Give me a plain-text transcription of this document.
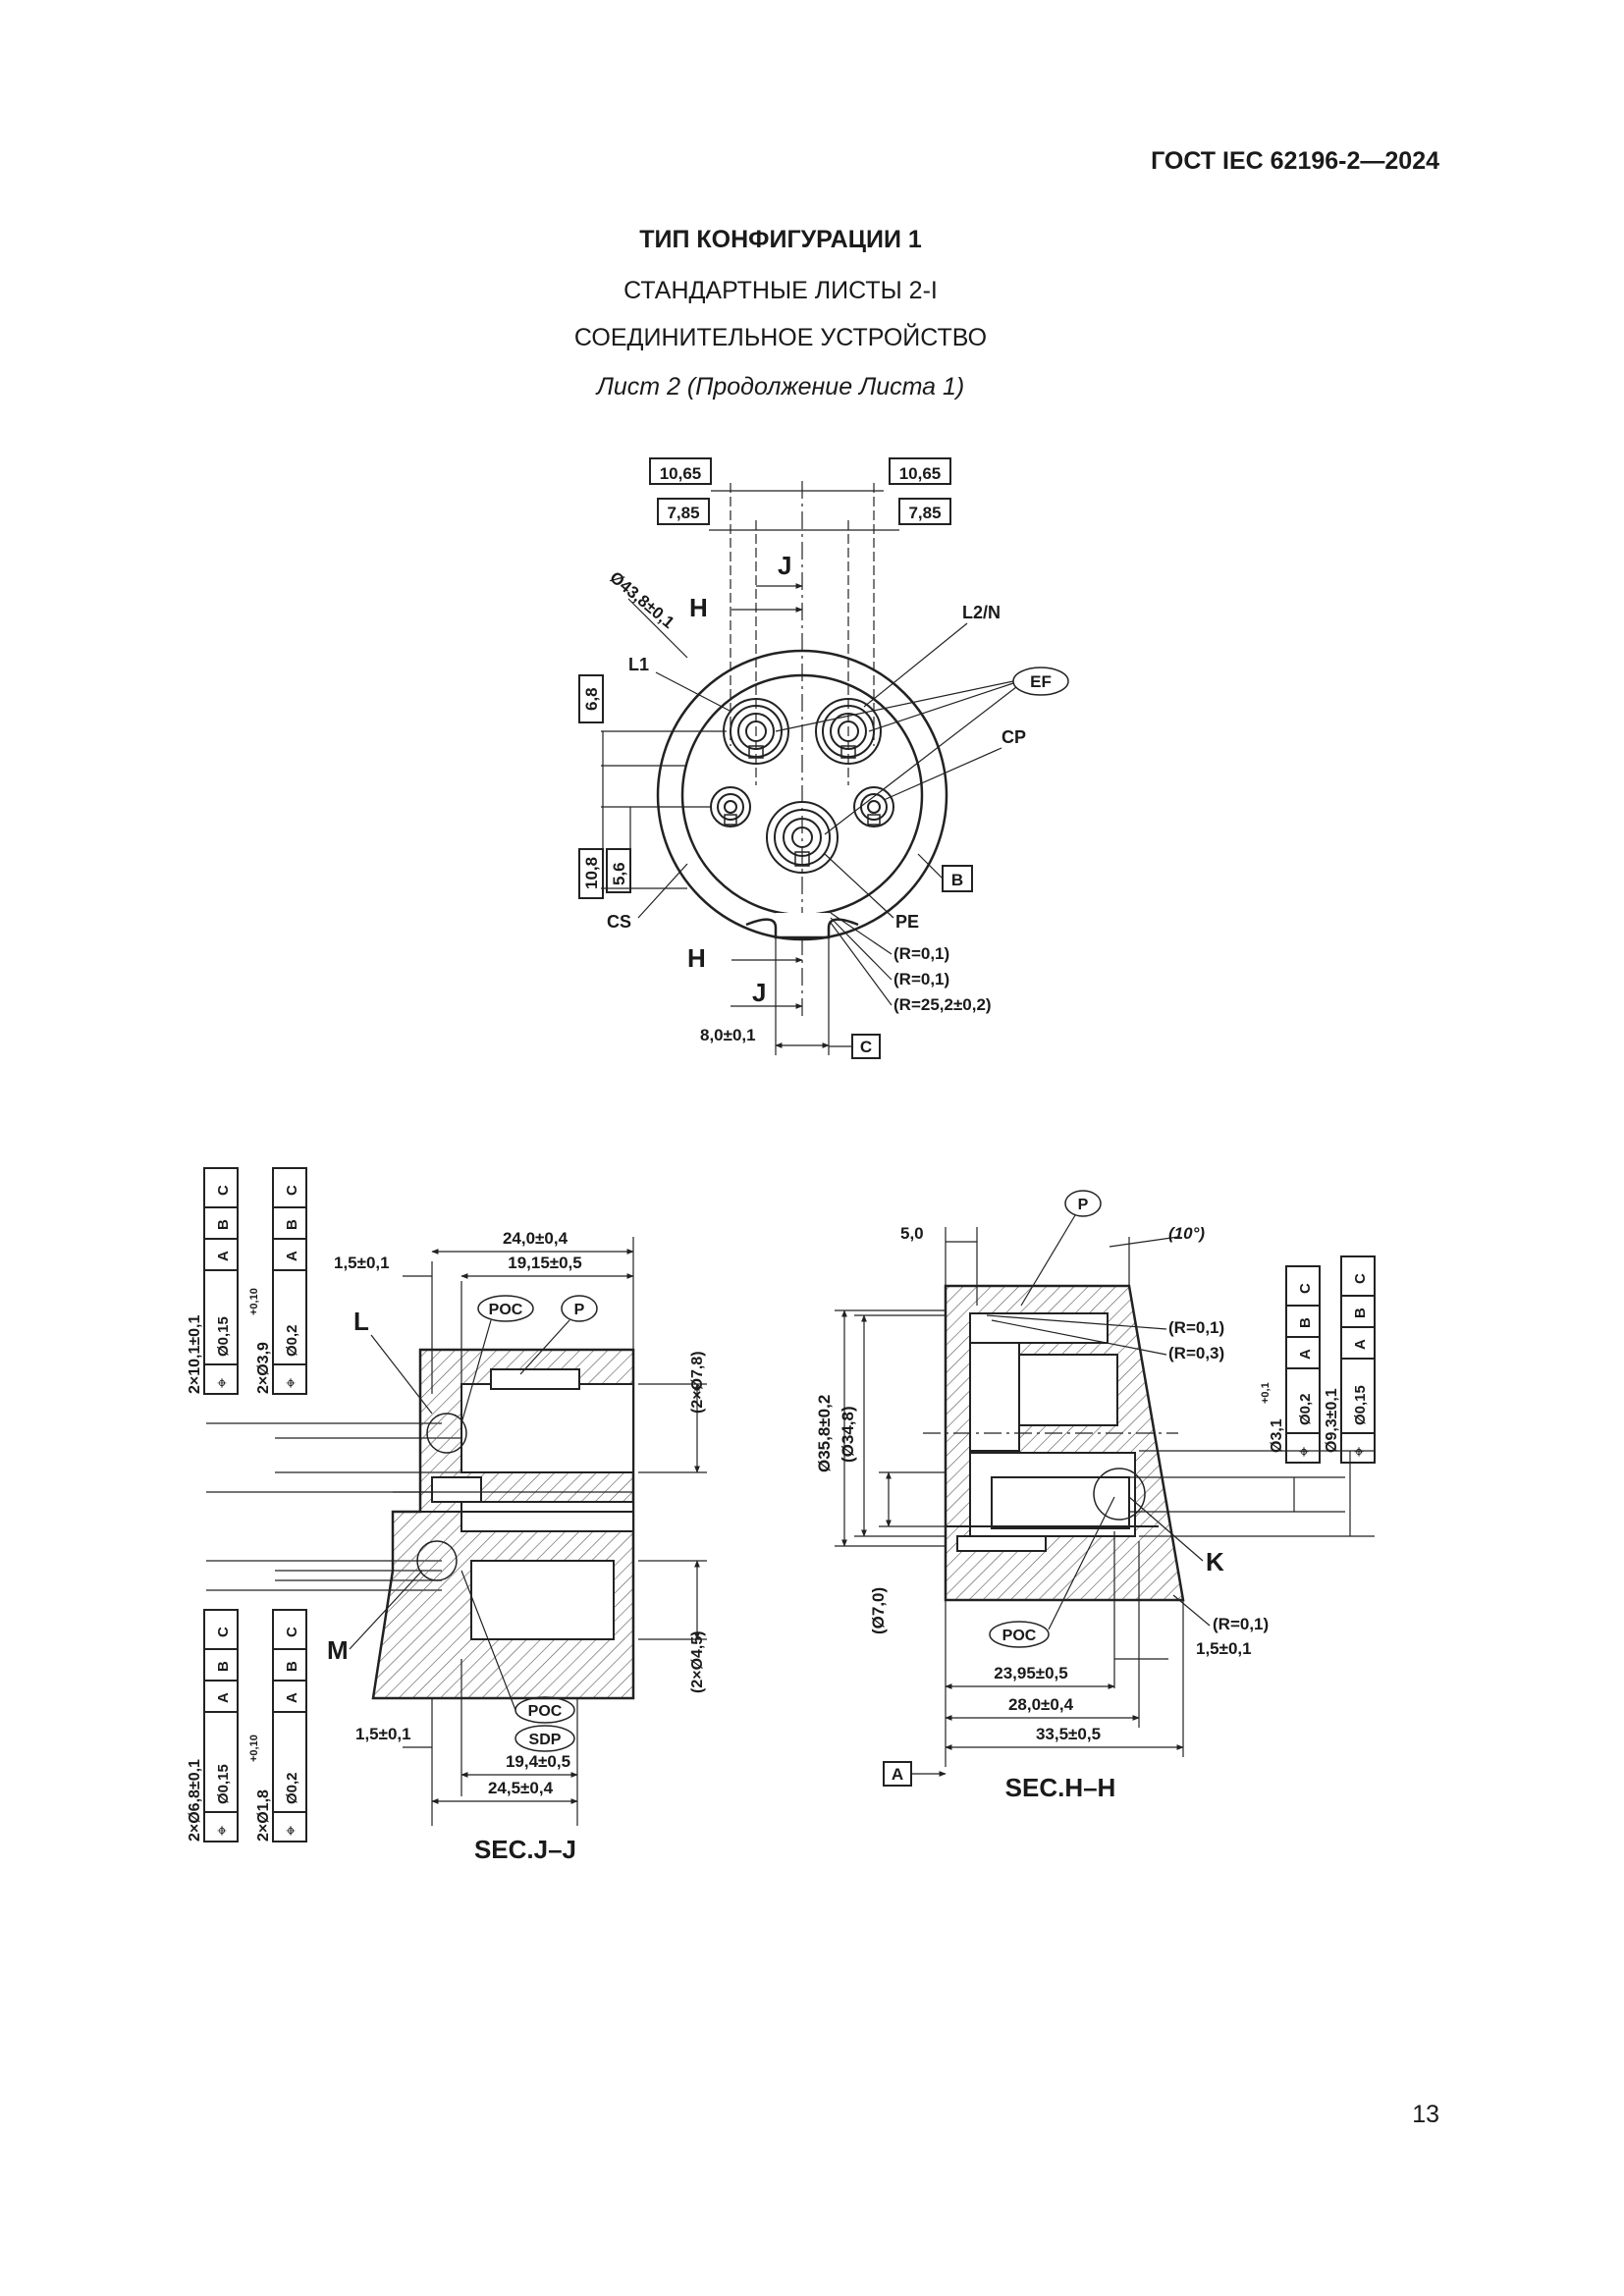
ГОСТ IEC 62196-2—2024
ТИП КОНФИГУРАЦИИ 1
СТАНДАРТНЫЕ ЛИСТЫ 2-I
СОЕДИНИТЕЛЬНОЕ УСТРОЙСТВО
Лист 2 (Продолжение Листа 1)
10,65	10,65
7,85	7,85
J
H
Ø43,8±0,1
6,8
10,8 5,6
L1
L2/N
EF
CP
B
CS	PE
H
J
(R=0,1)
(R=0,1)
(R=25,2±0,2)
8,0±0,1
C
C
B
A
Ø0,15
⌖
2×10,1±0,1
C
B
A
Ø0,2
⌖
2×Ø3,9
+0,10
C
B
A
Ø0,15
⌖
2×Ø6,8±0,1
C
B
A
Ø0,2
⌖
2×Ø1,8
+0,10
24,0±0,4
19,15±0,5
1,5±0,1
POC	P
L
M
(2×Ø7,8)
(2×Ø4,5)
1,5±0,1
POC
SDP
19,4±0,5
24,5±0,4
SEC.J–J
5,0
P
(10°)
(R=0,1)
(R=0,3)
Ø35,8±0,2 (Ø34,8)
(Ø7,0)
C
B
A
Ø0,2
⌖
Ø3,1
+0,1
C
B
A
Ø0,15
⌖
Ø9,3±0,1
K
POC
(R=0,1)
1,5±0,1
23,95±0,5
28,0±0,4
33,5±0,5
A	SEC.H–H
13
